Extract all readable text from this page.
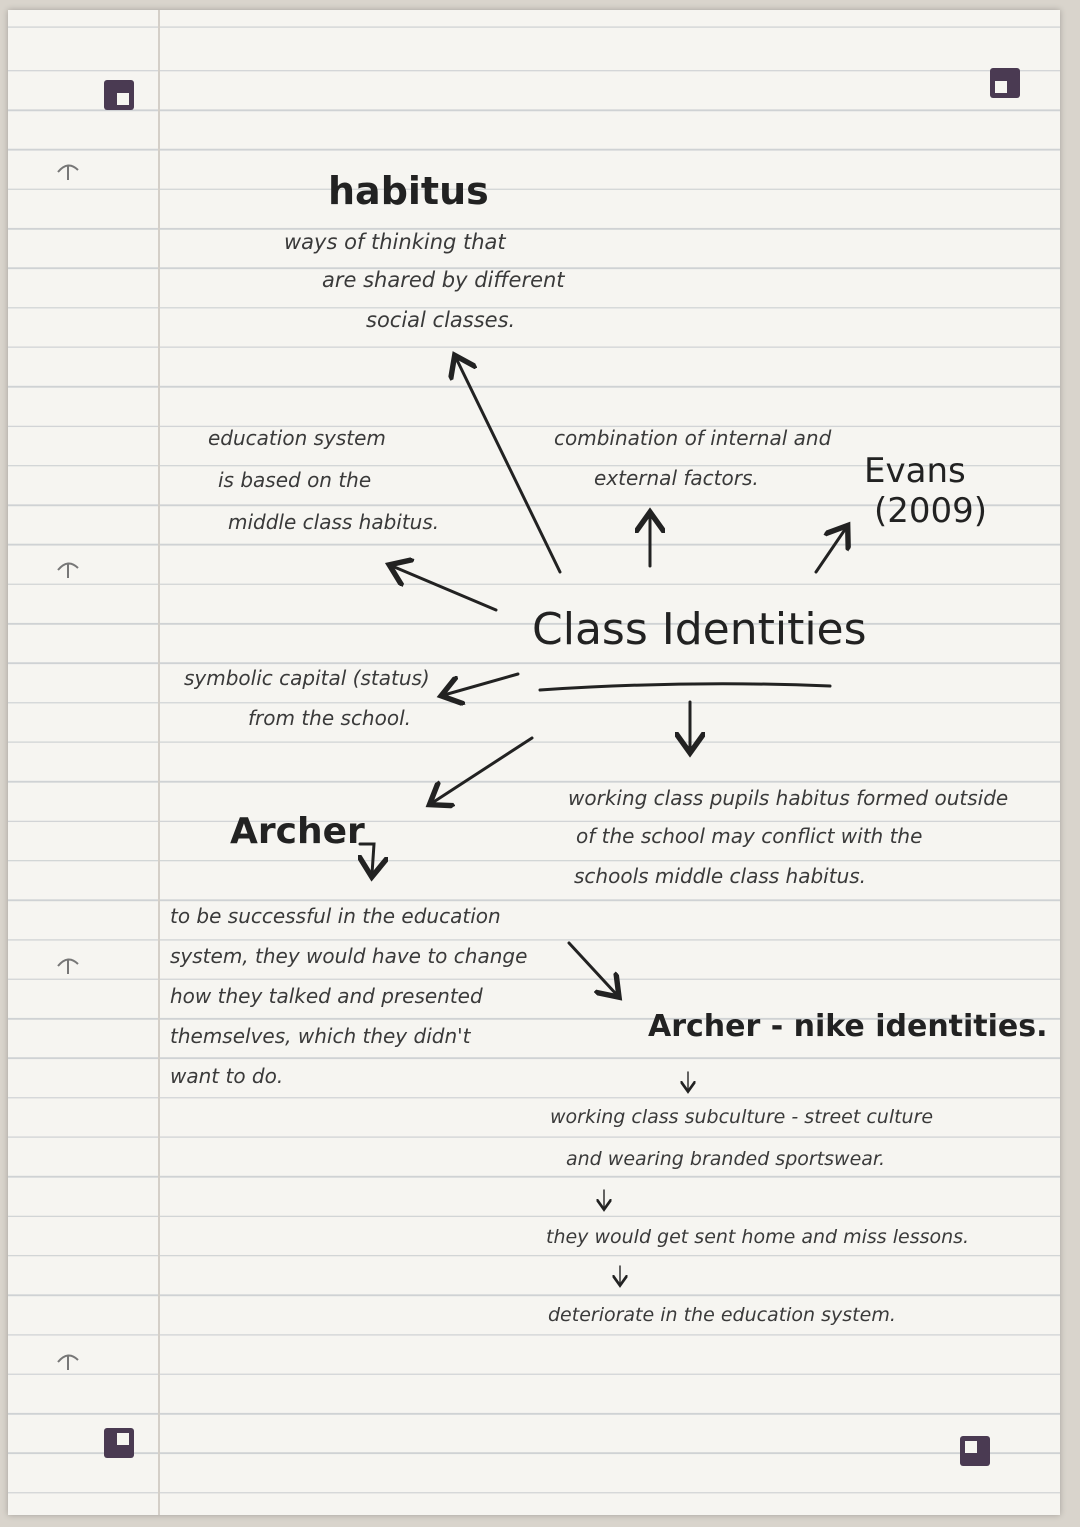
habitus
ways of thinking that
are shared by different
social classes.
education system
is based on the
middle class habitus.
combination of internal and
external factors.	Evans
(2009)
Class Identities
symbolic capital (status)
from the school.
working class pupils habitus formed outside
of the school may conflict with the
schools middle class habitus.
Archer
to be successful in the education
system, they would have to change
how they talked and presented
themselves, which they didn't
want to do.
Archer - nike identities.
working class subculture - street culture
and wearing branded sportswear.
they would get sent home and miss lessons.
deteriorate in the education system.
